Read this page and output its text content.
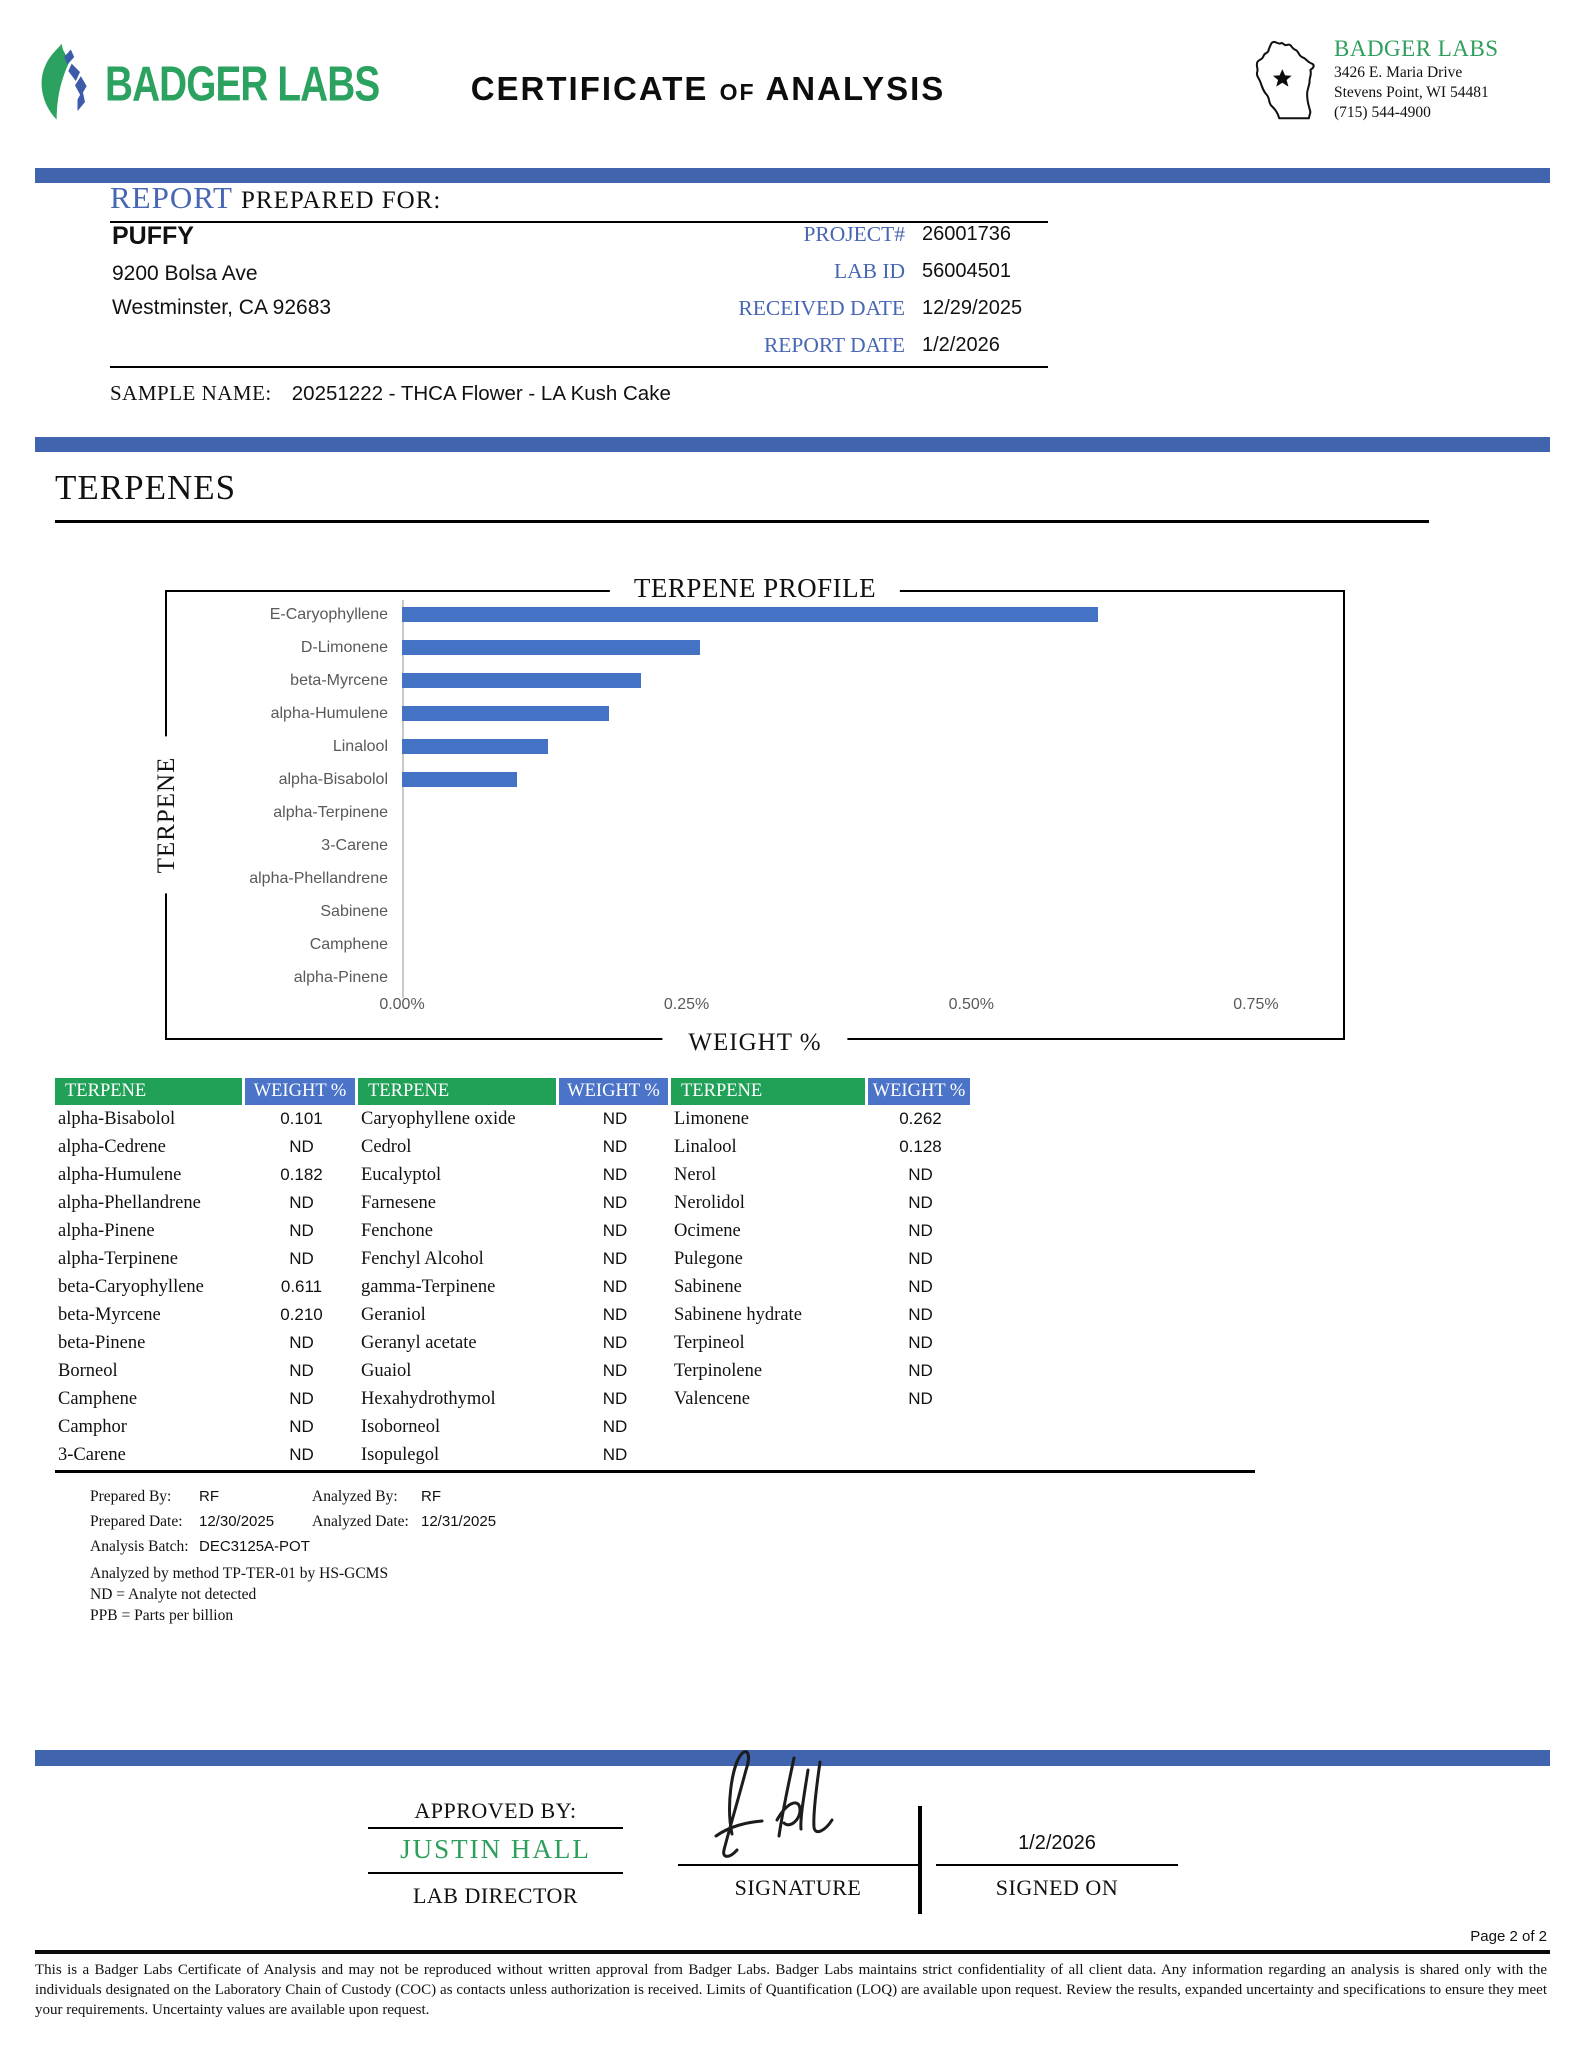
BADGER LABS	CERTIFICATE of ANALYSIS
BADGER LABS
3426 E. Maria Drive
Stevens Point, WI 54481
(715) 544-4900
REPORT PREPARED FOR:
PUFFY
9200 Bolsa Ave
Westminster, CA 92683
PROJECT# 26001736
LAB ID 56004501
RECEIVED DATE 12/29/2025
REPORT DATE 1/2/2026
SAMPLE NAME: 20251222 - THCA Flower - LA Kush Cake
TERPENES
TERPENE PROFILE
TERPENE
WEIGHT %
E-Caryophyllene
D-Limonene
beta-Myrcene
alpha-Humulene
Linalool
alpha-Bisabolol
alpha-Terpinene
3-Carene
alpha-Phellandrene
Sabinene
Camphene
alpha-Pinene
0.00%	0.25%	0.50%	0.75%
TERPENE	WEIGHT %	TERPENE	WEIGHT %	TERPENE	WEIGHT %
alpha-Bisabolol	0.101	Caryophyllene oxide	ND	Limonene	0.262
alpha-Cedrene	ND	Cedrol	ND	Linalool	0.128
alpha-Humulene	0.182	Eucalyptol	ND	Nerol	ND
alpha-Phellandrene	ND	Farnesene	ND	Nerolidol	ND
alpha-Pinene	ND	Fenchone	ND	Ocimene	ND
alpha-Terpinene	ND	Fenchyl Alcohol	ND	Pulegone	ND
beta-Caryophyllene	0.611	gamma-Terpinene	ND	Sabinene	ND
beta-Myrcene	0.210	Geraniol	ND	Sabinene hydrate	ND
beta-Pinene	ND	Geranyl acetate	ND	Terpineol	ND
Borneol	ND	Guaiol	ND	Terpinolene	ND
Camphene	ND	Hexahydrothymol	ND	Valencene	ND
Camphor	ND	Isoborneol	ND
3-Carene	ND	Isopulegol	ND
Prepared By:	RF	Analyzed By:	RF
Prepared Date:	12/30/2025	Analyzed Date: 12/31/2025
Analysis Batch: DEC3125A-POT
Analyzed by method TP-TER-01 by HS-GCMS
ND = Analyte not detected
PPB = Parts per billion
APPROVED BY:
JUSTIN HALL
LAB DIRECTOR	SIGNATURE
1/2/2026
SIGNED ON
Page 2 of 2
This is a Badger Labs Certificate of Analysis and may not be reproduced without written approval from Badger Labs. Badger Labs maintains strict confidentiality of all client data. Any information regarding an analysis is shared only with the individuals designated on the Laboratory Chain of Custody (COC) as contacts unless authorization is received. Limits of Quantification (LOQ) are available upon request. Review the results, expanded uncertainty and specifications to ensure they meet your requirements. Uncertainty values are available upon request.
